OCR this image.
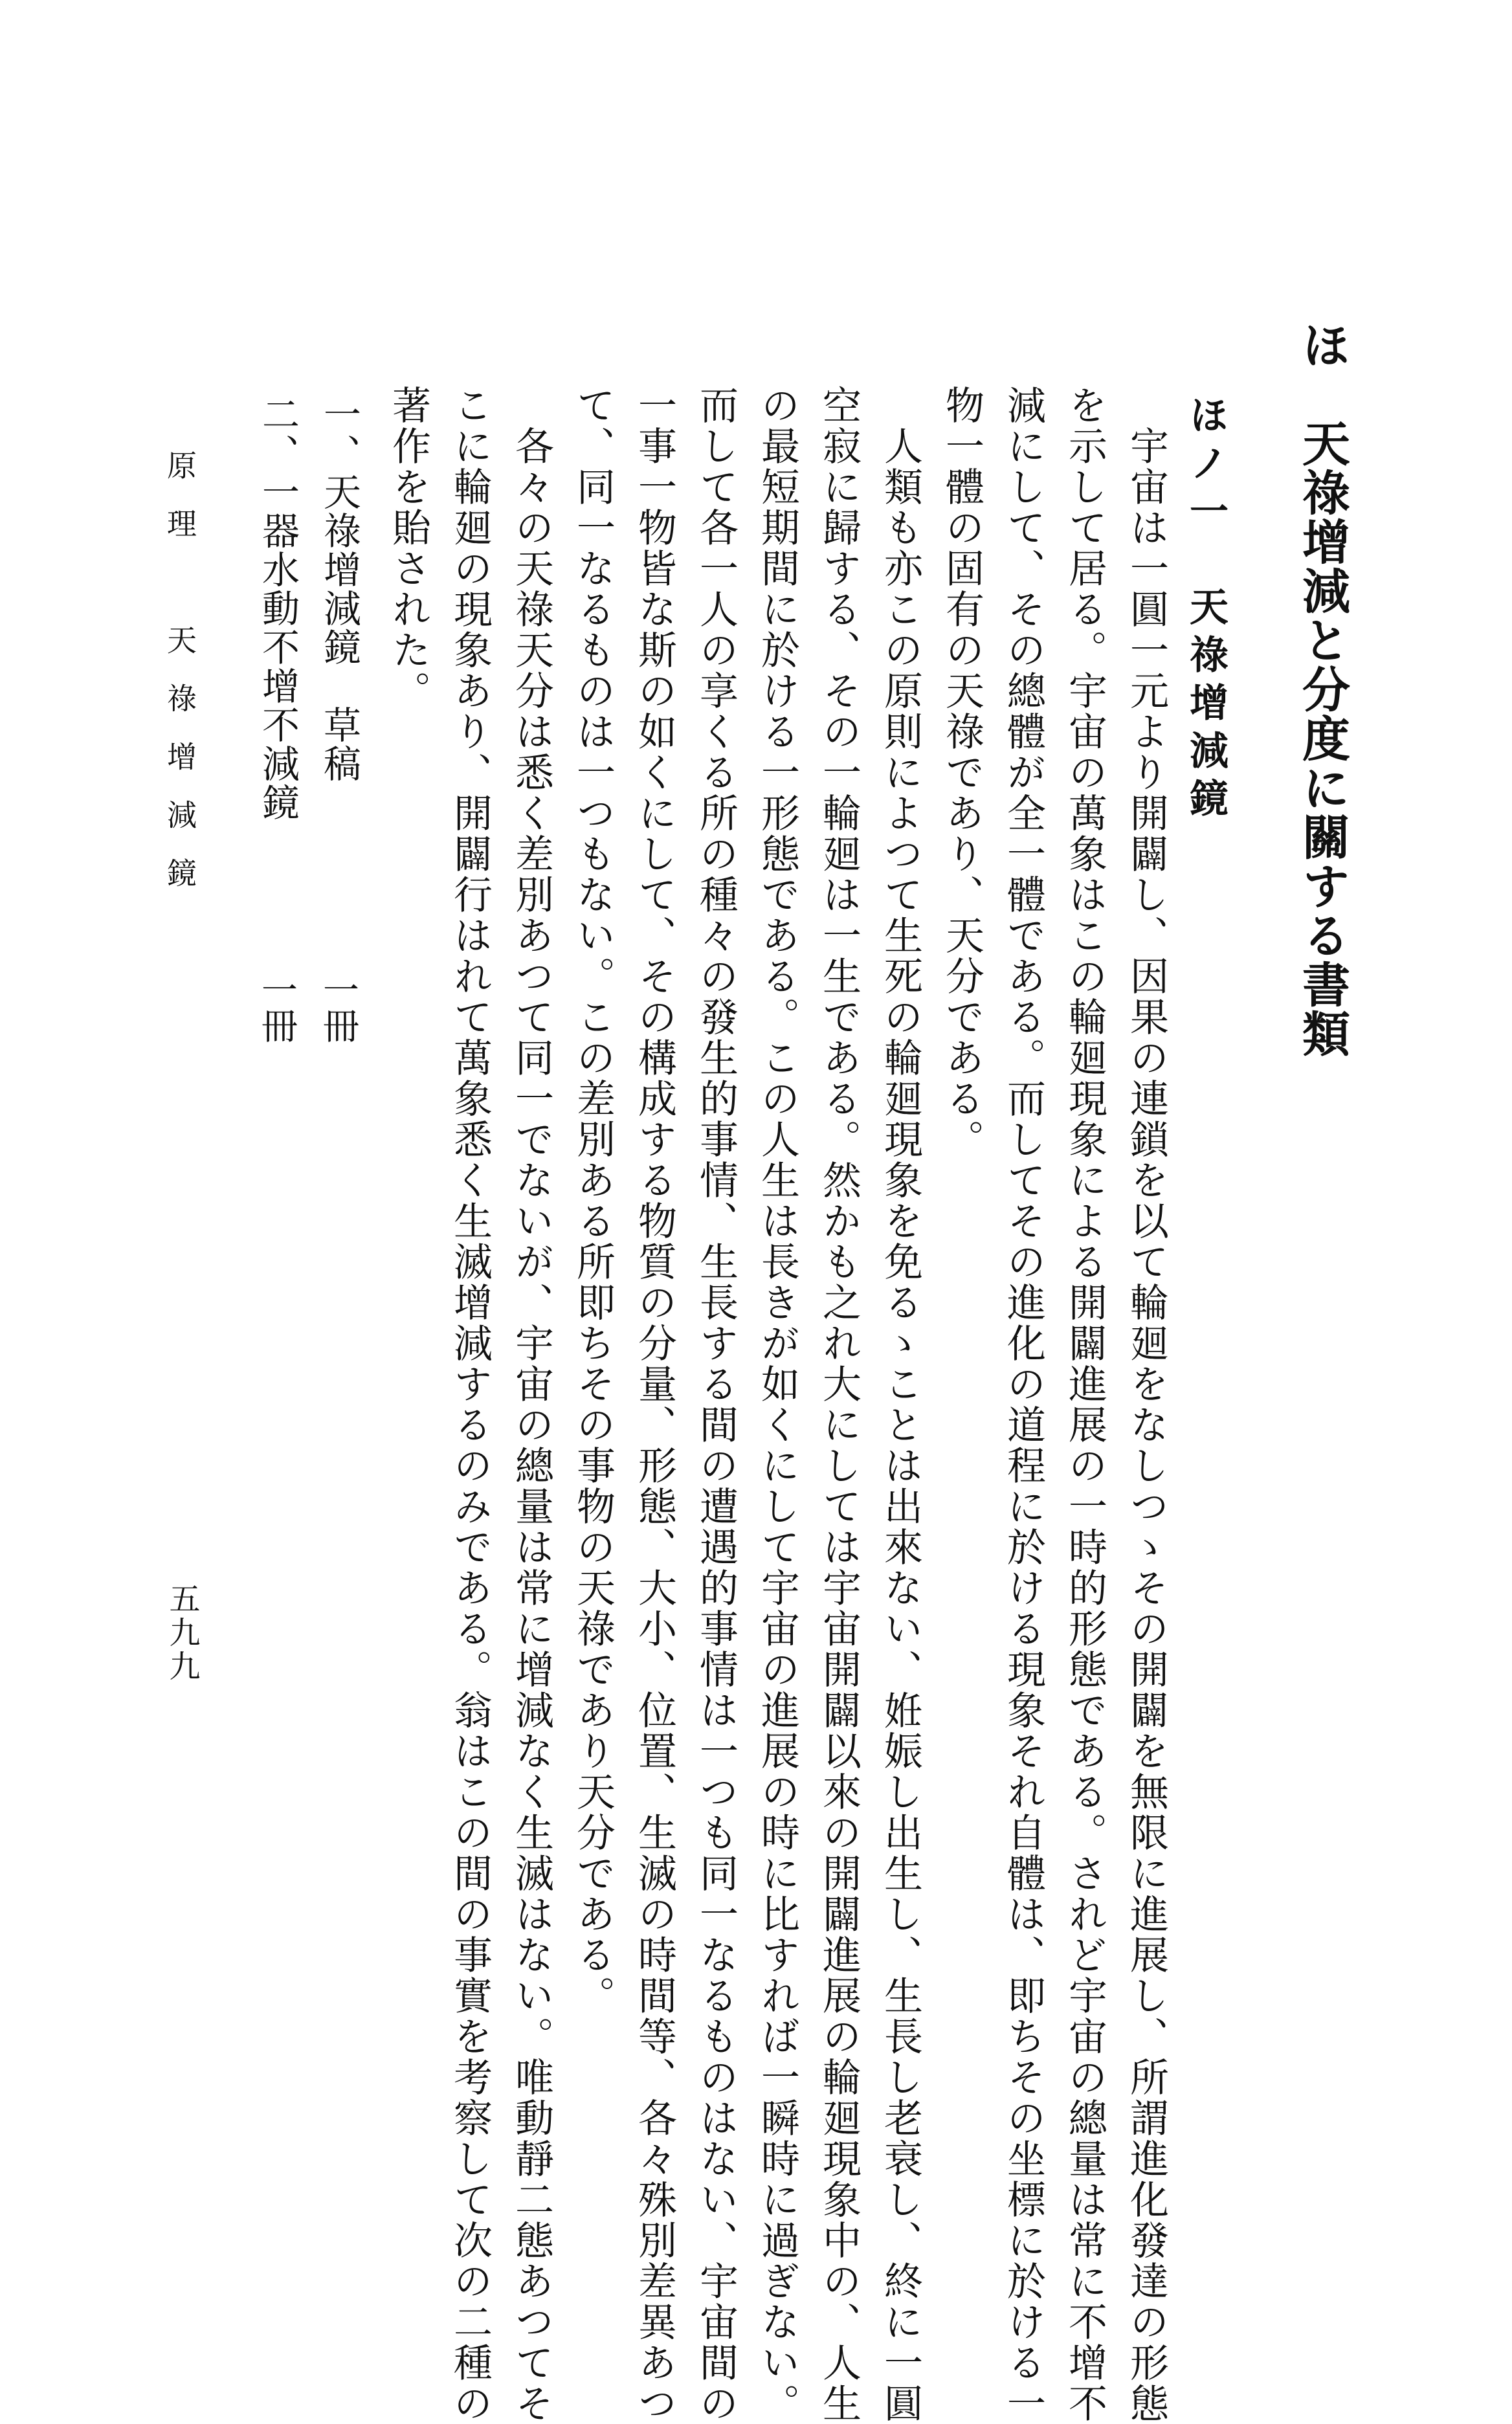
ほ　天祿增減と分度に關する書類
ほノ一　天祿增減鏡
　宇宙は一圓一元より開闢し、因果の連鎖を以て輪廻をなしつゝその開闢を無限に進展し、所謂進化發達の形態
を示して居る。宇宙の萬象はこの輪廻現象による開闢進展の一時的形態である。されど宇宙の總量は常に不增不
減にして、その總體が全一體である。而してその進化の道程に於ける現象それ自體は、即ちその坐標に於ける一
物一體の固有の天祿であり、天分である。
　人類も亦この原則によつて生死の輪廻現象を免るゝことは出來ない、姙娠し出生し、生長し老衰し、終に一圓
空寂に歸する、その一輪廻は一生である。然かも之れ大にしては宇宙開闢以來の開闢進展の輪廻現象中の、人生
の最短期間に於ける一形態である。この人生は長きが如くにして宇宙の進展の時に比すれば一瞬時に過ぎない。
而して各一人の享くる所の種々の發生的事情、生長する間の遭遇的事情は一つも同一なるものはない、宇宙間の
一事一物皆な斯の如くにして、その構成する物質の分量、形態、大小、位置、生滅の時間等、各々殊別差異あつ
て、同一なるものは一つもない。この差別ある所即ちその事物の天祿であり天分である。
　各々の天祿天分は悉く差別あつて同一でないが、宇宙の總量は常に增減なく生滅はない。唯動靜二態あつてそ
こに輪廻の現象あり、開闢行はれて萬象悉く生滅增減するのみである。翁はこの間の事實を考察して次の二種の
著作を貽された。
一、天祿增減鏡　草稿
一冊
二、一器水動不增不減鏡
一冊
原理　天祿增減鏡
五九九
